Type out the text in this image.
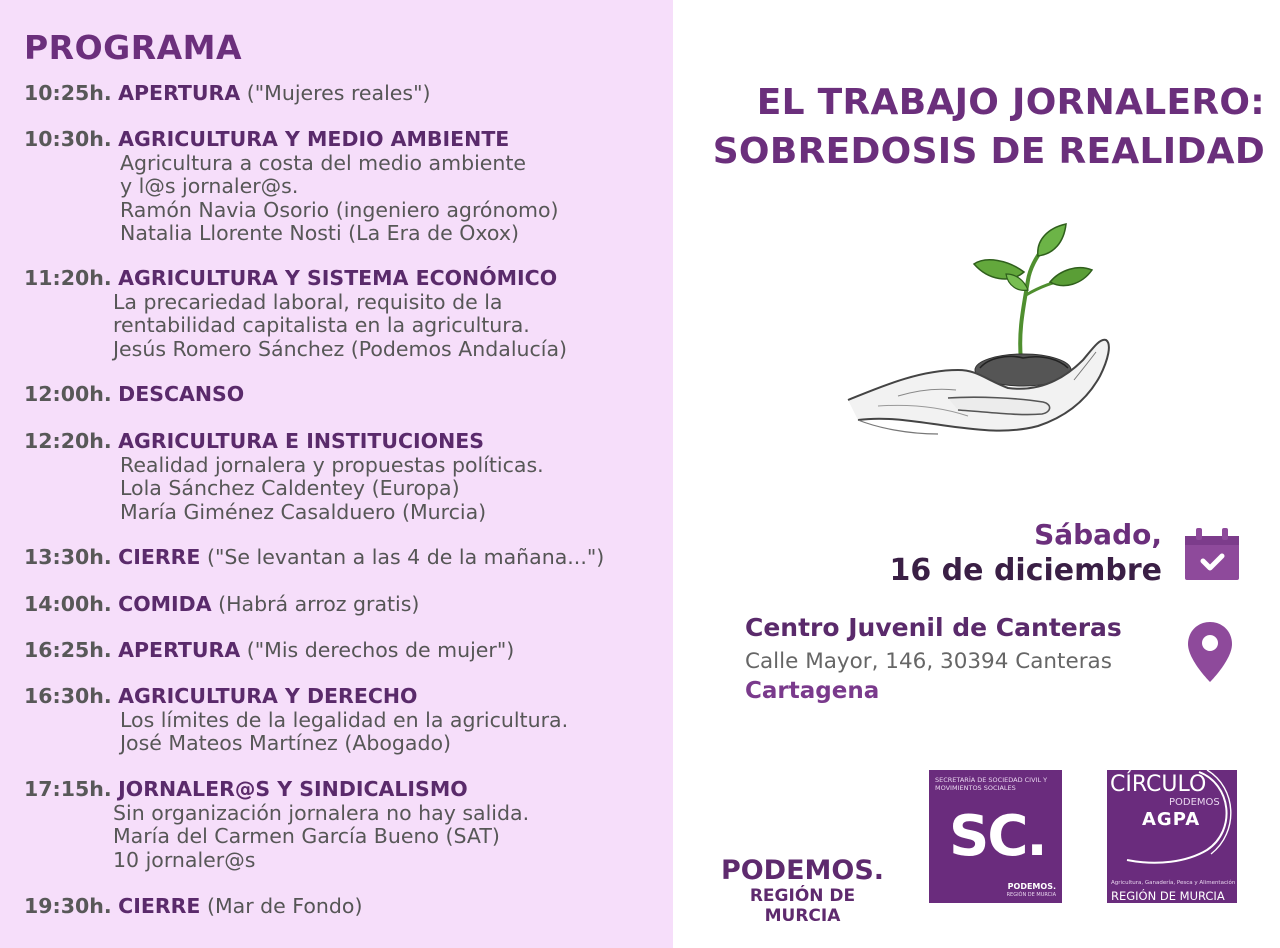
PROGRAMA
10:25h. APERTURA ("Mujeres reales")
10:30h. AGRICULTURA Y MEDIO AMBIENTE
Agricultura a costa del medio ambiente
y l@s jornaler@s.
Ramón Navia Osorio (ingeniero agrónomo)
Natalia Llorente Nosti (La Era de Oxox)
11:20h. AGRICULTURA Y SISTEMA ECONÓMICO
La precariedad laboral, requisito de la
rentabilidad capitalista en la agricultura.
Jesús Romero Sánchez (Podemos Andalucía)
12:00h. DESCANSO
12:20h. AGRICULTURA E INSTITUCIONES
Realidad jornalera y propuestas políticas.
Lola Sánchez Caldentey (Europa)
María Giménez Casalduero (Murcia)
13:30h. CIERRE ("Se levantan a las 4 de la mañana...")
14:00h. COMIDA (Habrá arroz gratis)
16:25h. APERTURA ("Mis derechos de mujer")
16:30h. AGRICULTURA Y DERECHO
Los límites de la legalidad en la agricultura.
José Mateos Martínez (Abogado)
17:15h. JORNALER@S Y SINDICALISMO
Sin organización jornalera no hay salida.
María del Carmen García Bueno (SAT)
10 jornaler@s
19:30h. CIERRE (Mar de Fondo)
EL TRABAJO JORNALERO:
SOBREDOSIS DE REALIDAD
Sábado,
16 de diciembre
Centro Juvenil de Canteras
Calle Mayor, 146, 30394 Canteras
Cartagena
PODEMOS.
REGIÓN DE MURCIA
SECRETARÍA DE SOCIEDAD CIVIL Y MOVIMIENTOS SOCIALES
SC.
PODEMOS.
REGIÓN DE MURCIA
CÍRCULO
PODEMOS
AGPA
Agricultura, Ganadería, Pesca y Alimentación
REGIÓN DE MURCIA
